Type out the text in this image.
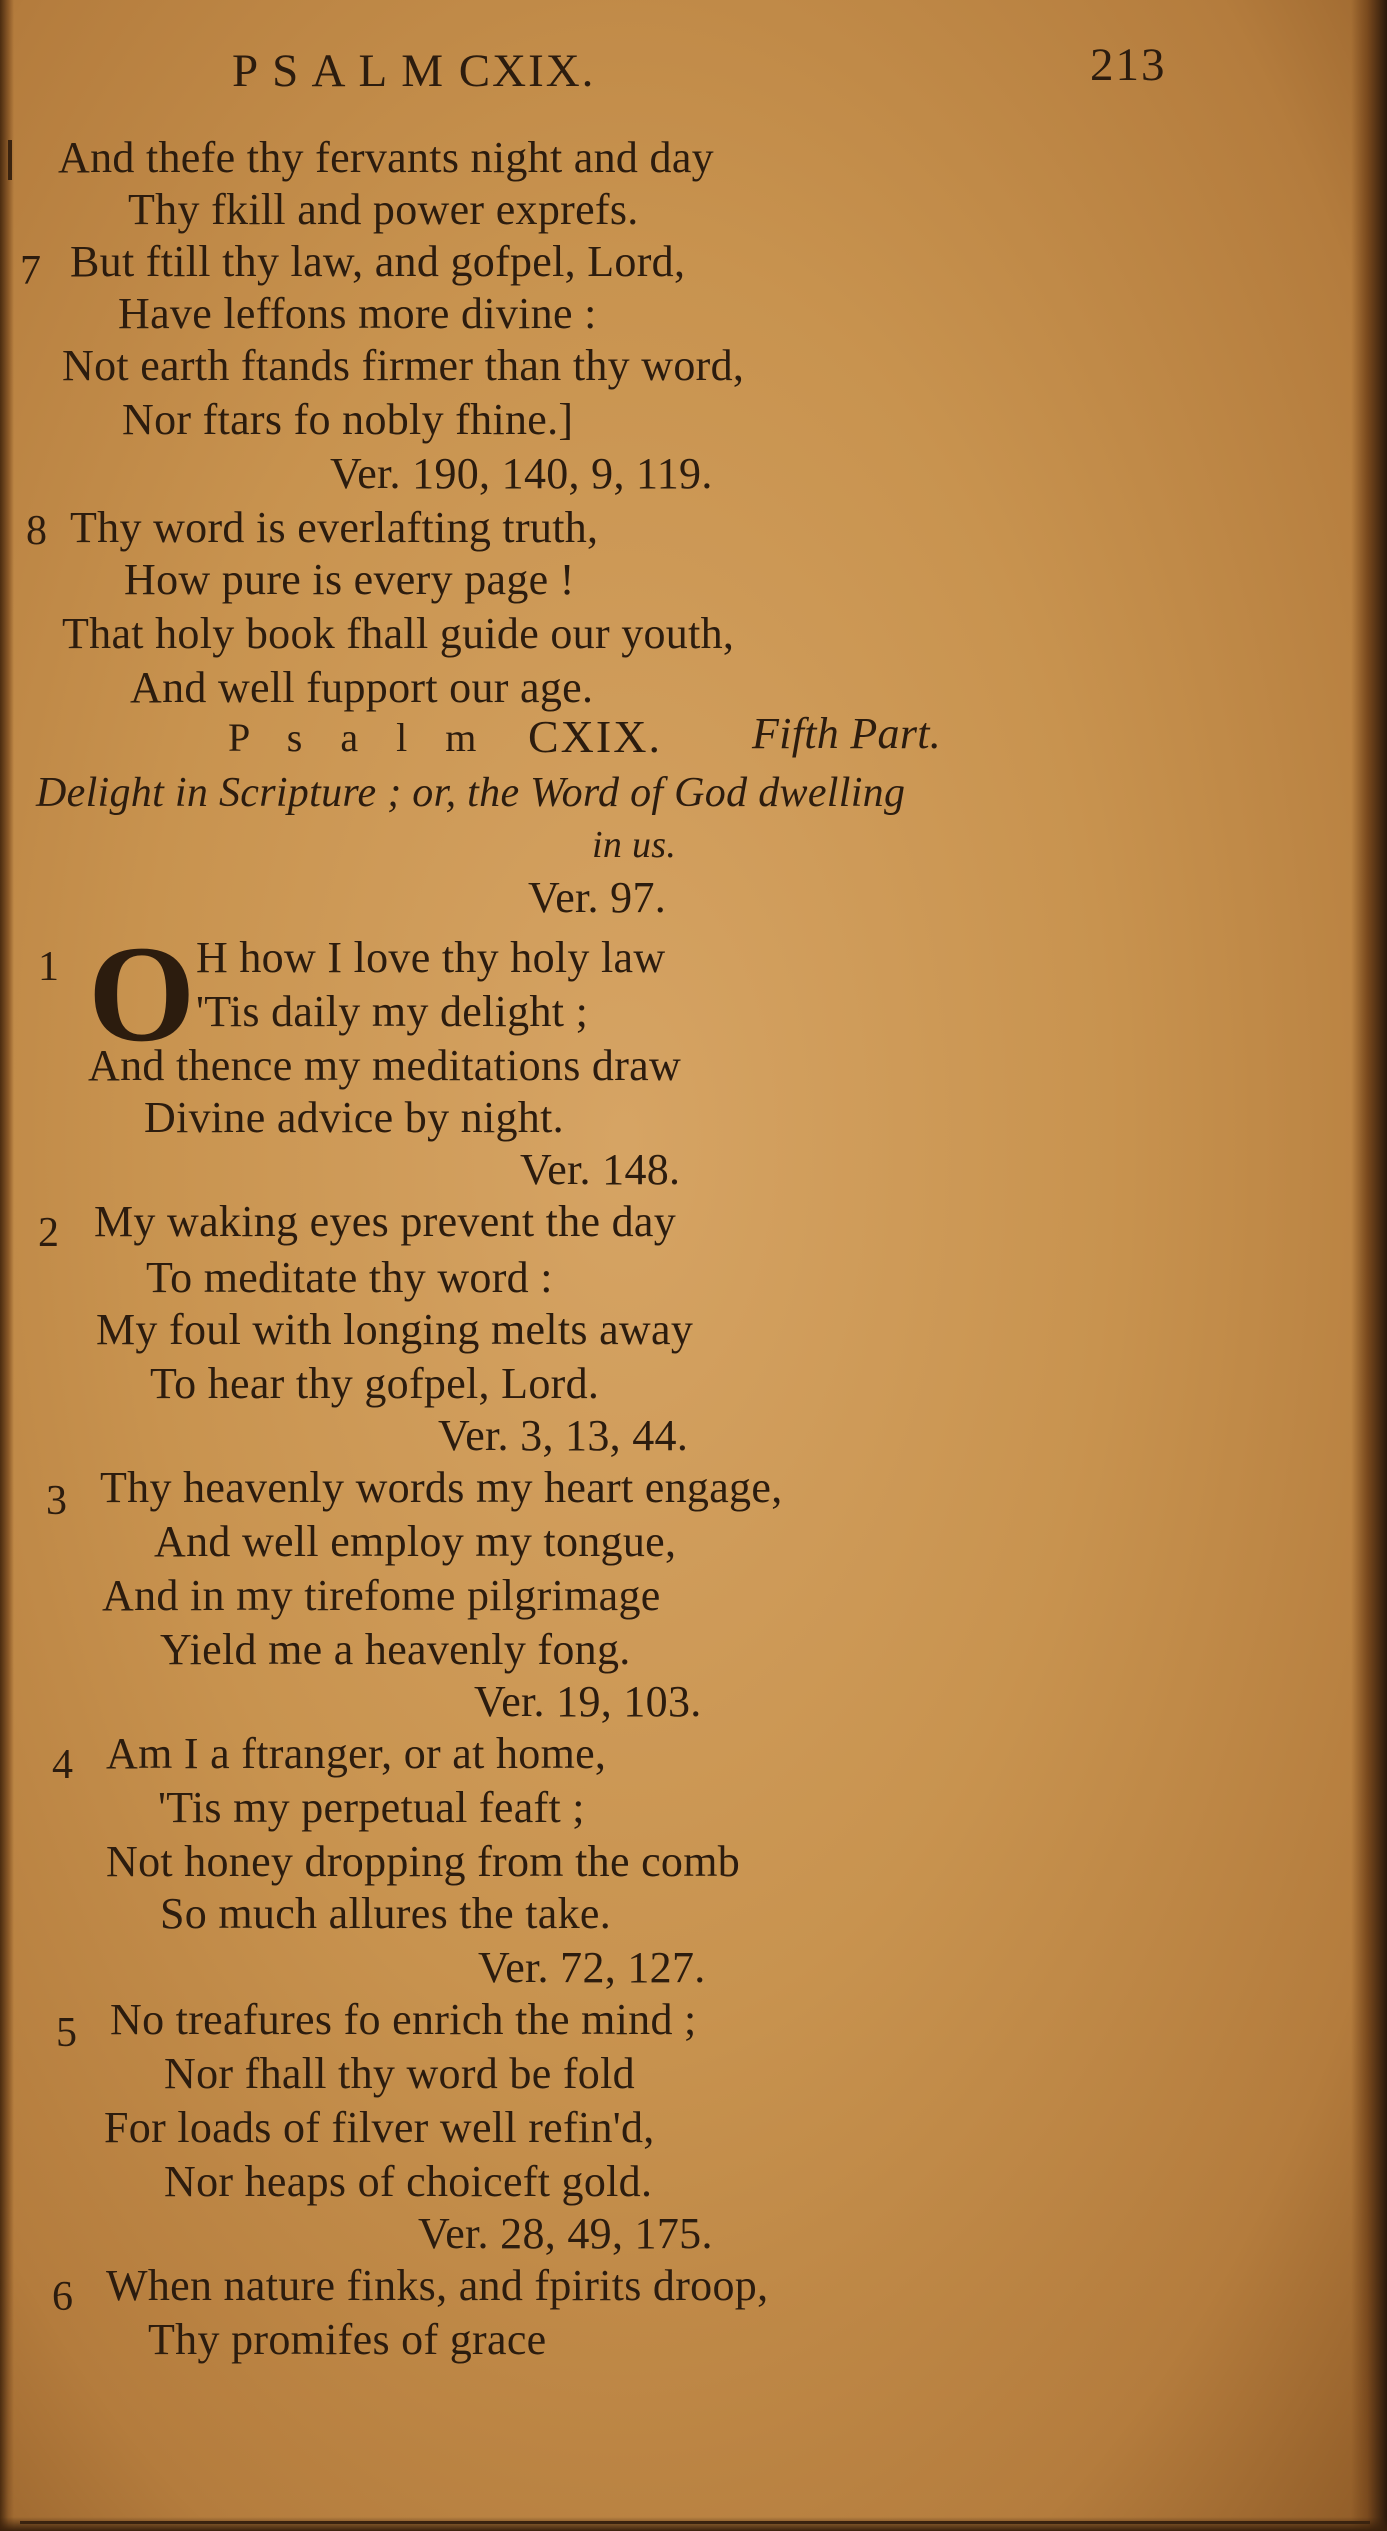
P S A L M CXIX.	213
And thefe thy fervants night and day
Thy fkill and power exprefs.
7 But ftill thy law, and gofpel, Lord,
Have leffons more divine :
Not earth ftands firmer than thy word,
Nor ftars fo nobly fhine.]
Ver. 190, 140, 9, 119.
8 Thy word is everlafting truth,
How pure is every page !
That holy book fhall guide our youth,
And well fupport our age.
P s a l m CXIX. Fifth Part.
Delight in Scripture ; or, the Word of God dwelling
in us.
Ver. 97.
1 O H how I love thy holy law
'Tis daily my delight ;
And thence my meditations draw
Divine advice by night.
Ver. 148.
2 My waking eyes prevent the day
To meditate thy word :
My foul with longing melts away
To hear thy gofpel, Lord.
Ver. 3, 13, 44.
3 Thy heavenly words my heart engage,
And well employ my tongue,
And in my tirefome pilgrimage
Yield me a heavenly fong.
Ver. 19, 103.
4 Am I a ftranger, or at home,
'Tis my perpetual feaft ;
Not honey dropping from the comb
So much allures the take.
Ver. 72, 127.
5 No treafures fo enrich the mind ;
Nor fhall thy word be fold
For loads of filver well refin'd,
Nor heaps of choiceft gold.
Ver. 28, 49, 175.
6 When nature finks, and fpirits droop,
Thy promifes of grace
